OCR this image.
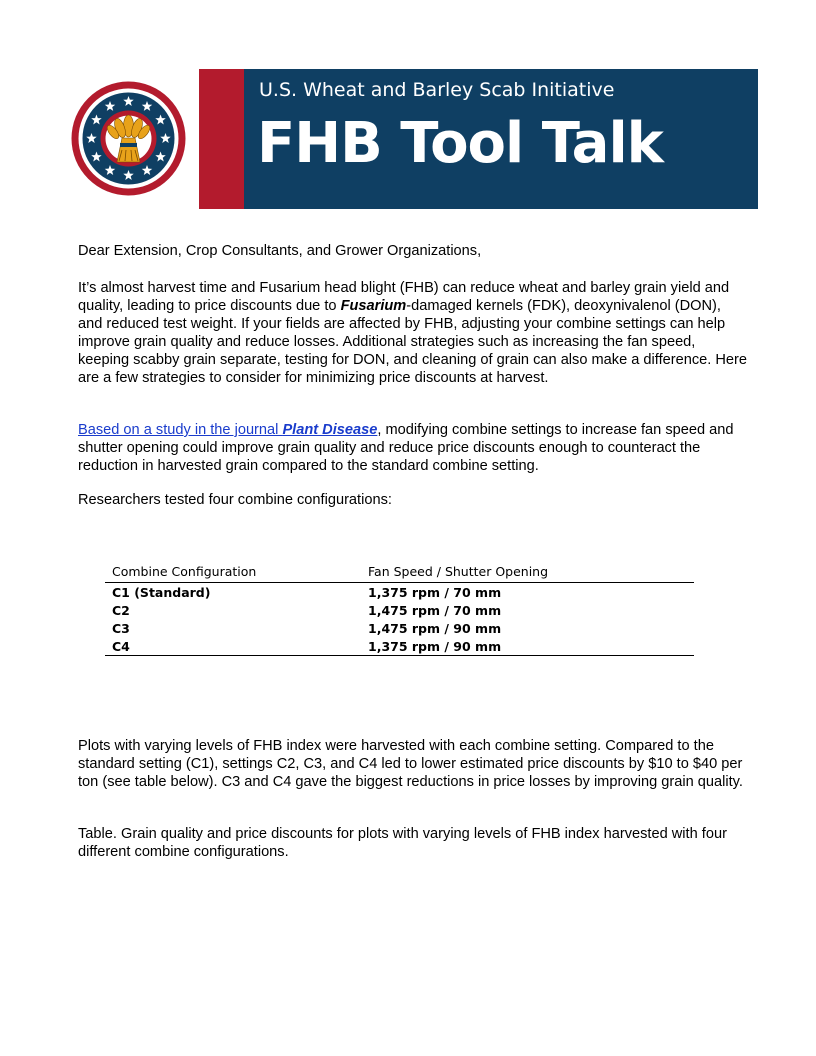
U.S. Wheat and Barley Scab Initiative
FHB Tool Talk

Dear Extension, Crop Consultants, and Grower Organizations,

It’s almost harvest time and Fusarium head blight (FHB) can reduce wheat and barley grain yield and quality, leading to price discounts due to Fusarium-damaged kernels (FDK), deoxynivalenol (DON), and reduced test weight. If your fields are affected by FHB, adjusting your combine settings can help improve grain quality and reduce losses. Additional strategies such as increasing the fan speed, keeping scabby grain separate, testing for DON, and cleaning of grain can also make a difference. Here are a few strategies to consider for minimizing price discounts at harvest.

Based on a study in the journal Plant Disease, modifying combine settings to increase fan speed and shutter opening could improve grain quality and reduce price discounts enough to counteract the reduction in harvested grain compared to the standard combine setting.

Researchers tested four combine configurations:

Combine Configuration	Fan Speed / Shutter Opening
C1 (Standard)	1,375 rpm / 70 mm
C2	1,475 rpm / 70 mm
C3	1,475 rpm / 90 mm
C4	1,375 rpm / 90 mm

Plots with varying levels of FHB index were harvested with each combine setting. Compared to the standard setting (C1), settings C2, C3, and C4 led to lower estimated price discounts by $10 to $40 per ton (see table below). C3 and C4 gave the biggest reductions in price losses by improving grain quality.

Table. Grain quality and price discounts for plots with varying levels of FHB index harvested with four different combine configurations.
